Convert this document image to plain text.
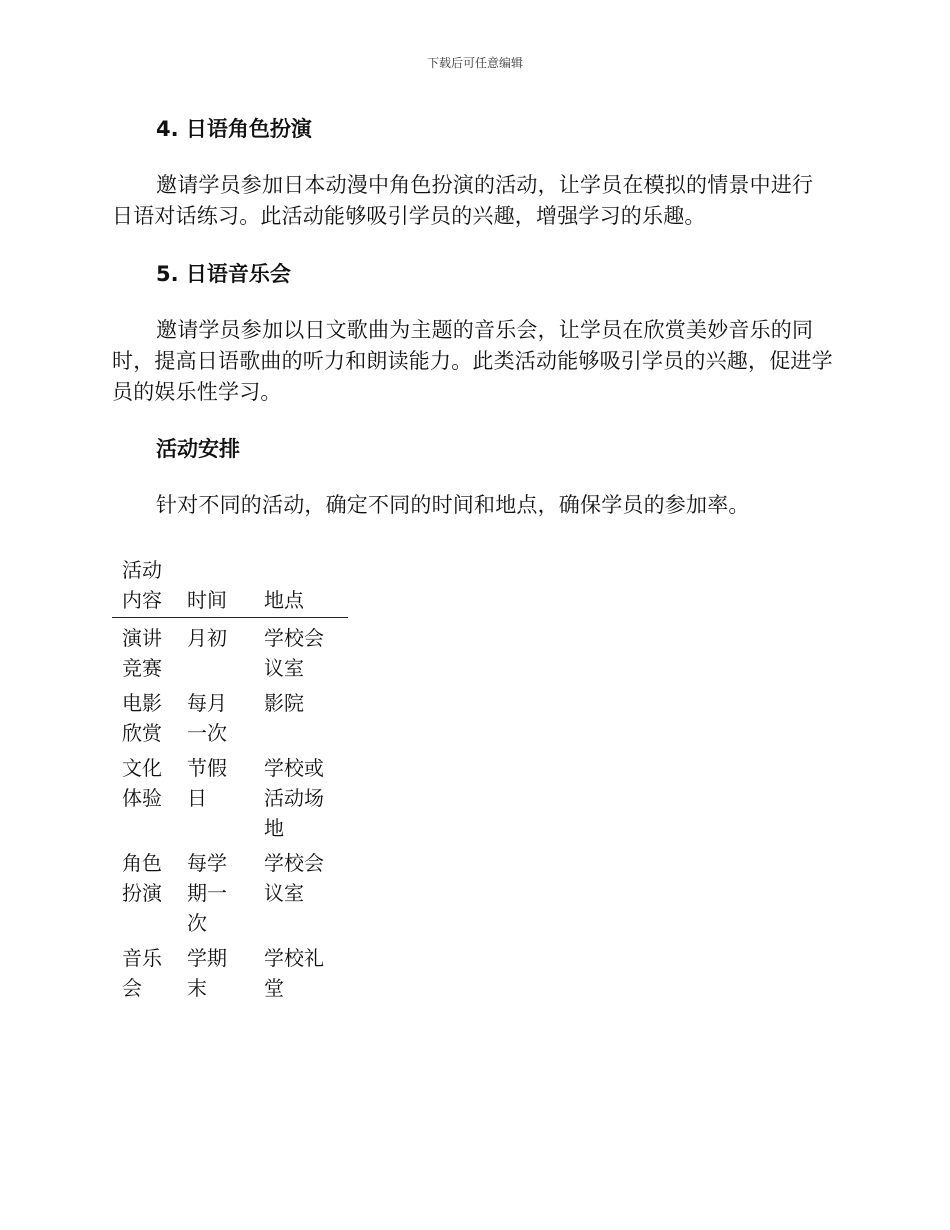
下载后可任意编辑
4. 日语角色扮演

邀请学员参加日本动漫中角色扮演的活动，让学员在模拟的情景中进行日语对话练习。此活动能够吸引学员的兴趣，增强学习的乐趣。

5. 日语音乐会

邀请学员参加以日文歌曲为主题的音乐会，让学员在欣赏美妙音乐的同时，提高日语歌曲的听力和朗读能力。此类活动能够吸引学员的兴趣，促进学员的娱乐性学习。

活动安排

针对不同的活动，确定不同的时间和地点，确保学员的参加率。

活动内容	时间	地点

演讲竞赛	月初	学校会议室

电影欣赏	每月一次	影院

文化体验	节假日	学校或活动场地

角色扮演	每学期一次	学校会议室

音乐会	学期末	学校礼堂
